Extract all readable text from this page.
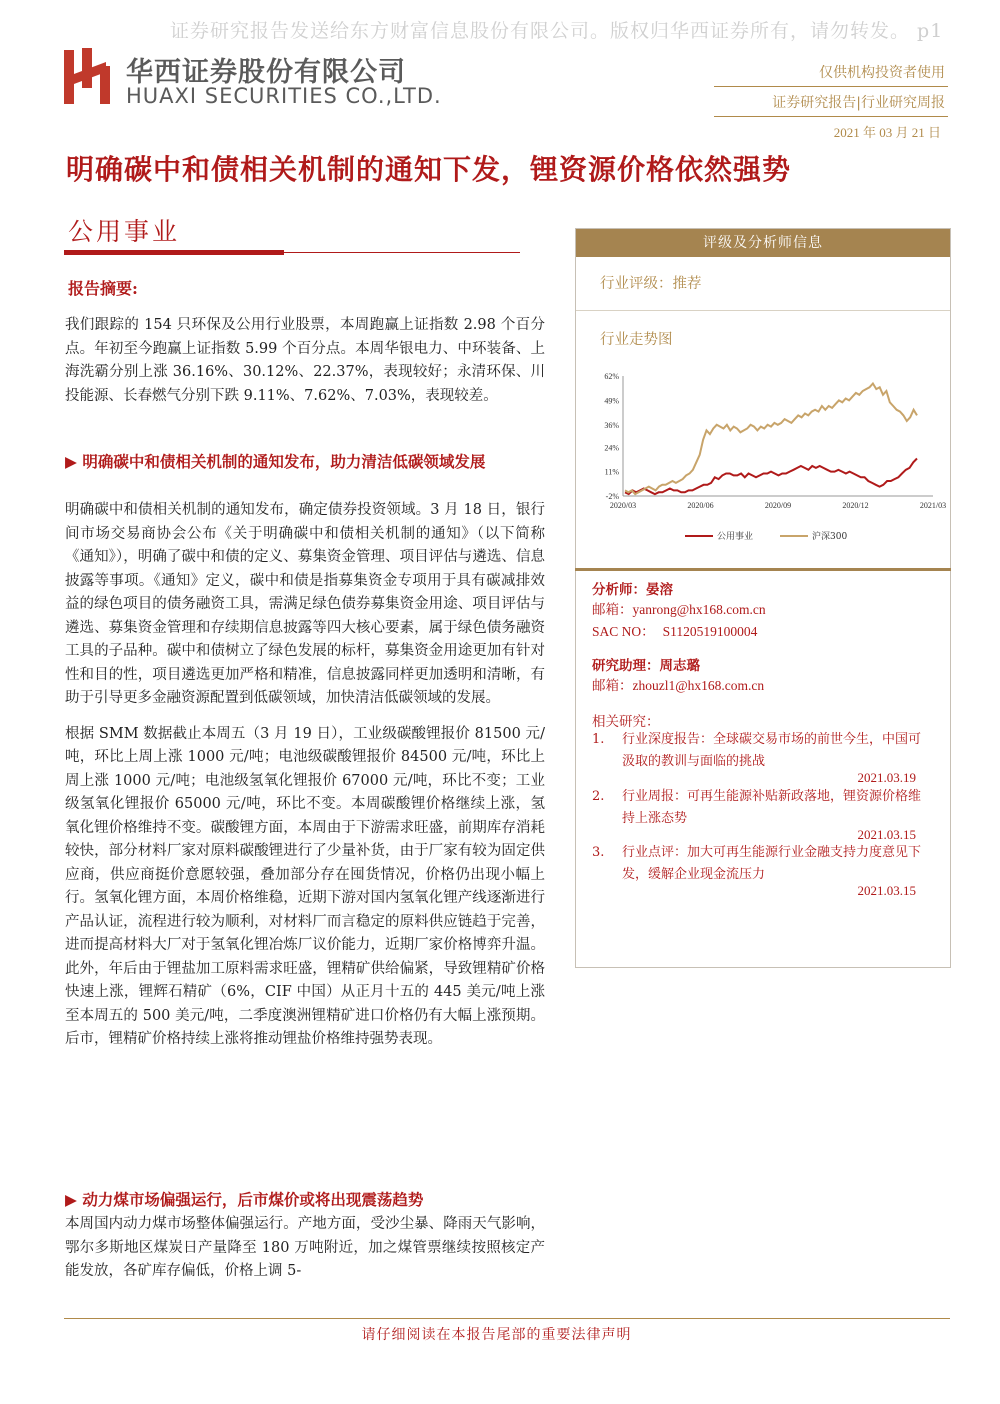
证券研究报告发送给东方财富信息股份有限公司。版权归华西证券所有，请勿转发。 p1
华西证券股份有限公司
HUAXI SECURITIES CO.,LTD.
仅供机构投资者使用
证券研究报告|行业研究周报
2021 年 03 月 21 日
明确碳中和债相关机制的通知下发，锂资源价格依然强势
公用事业
报告摘要:

我们跟踪的 154 只环保及公用行业股票，本周跑赢上证指数 2.98 个百分点。年初至今跑赢上证指数 5.99 个百分点。本周华银电力、中环装备、上海洗霸分别上涨 36.16%、30.12%、22.37%，表现较好；永清环保、川投能源、长春燃气分别下跌 9.11%、7.62%、7.03%，表现较差。

▶ 明确碳中和债相关机制的通知发布，助力清洁低碳领域发展

明确碳中和债相关机制的通知发布，确定债券投资领域。3 月 18 日，银行间市场交易商协会公布《关于明确碳中和债相关机制的通知》（以下简称《通知》），明确了碳中和债的定义、募集资金管理、项目评估与遴选、信息披露等事项。《通知》定义，碳中和债是指募集资金专项用于具有碳减排效益的绿色项目的债务融资工具，需满足绿色债券募集资金用途、项目评估与遴选、募集资金管理和存续期信息披露等四大核心要素，属于绿色债务融资工具的子品种。碳中和债树立了绿色发展的标杆，募集资金用途更加有针对性和目的性，项目遴选更加严格和精准，信息披露同样更加透明和清晰，有助于引导更多金融资源配置到低碳领域，加快清洁低碳领域的发展。

根据 SMM 数据截止本周五（3 月 19 日），工业级碳酸锂报价 81500 元/吨，环比上周上涨 1000 元/吨；电池级碳酸锂报价 84500 元/吨，环比上周上涨 1000 元/吨；电池级氢氧化锂报价 67000 元/吨，环比不变；工业级氢氧化锂报价 65000 元/吨，环比不变。本周碳酸锂价格继续上涨，氢氧化锂价格维持不变。碳酸锂方面，本周由于下游需求旺盛，前期库存消耗较快，部分材料厂家对原料碳酸锂进行了少量补货，由于厂家有较为固定供应商，供应商挺价意愿较强，叠加部分存在囤货情况，价格仍出现小幅上行。氢氧化锂方面，本周价格维稳，近期下游对国内氢氧化锂产线逐渐进行产品认证，流程进行较为顺利，对材料厂而言稳定的原料供应链趋于完善，进而提高材料大厂对于氢氧化锂冶炼厂议价能力，近期厂家价格博弈升温。此外，年后由于锂盐加工原料需求旺盛，锂精矿供给偏紧，导致锂精矿价格快速上涨，锂辉石精矿（6%，CIF 中国）从正月十五的 445 美元/吨上涨至本周五的 500 美元/吨，二季度澳洲锂精矿进口价格仍有大幅上涨预期。后市，锂精矿价格持续上涨将推动锂盐价格维持强势表现。

▶ 动力煤市场偏强运行，后市煤价或将出现震荡趋势

本周国内动力煤市场整体偏强运行。产地方面，受沙尘暴、降雨天气影响，鄂尔多斯地区煤炭日产量降至 180 万吨附近，加之煤管票继续按照核定产能发放，各矿库存偏低，价格上调 5-

评级及分析师信息
行业评级：推荐
行业走势图
62%
49%
36%
24%
11%
-2%
2020/03	2020/06	2020/09	2020/12	2021/03
公用事业	沪深300
分析师：晏溶
邮箱：yanrong@hx168.com.cn
SAC NO： S1120519100004
研究助理：周志璐
邮箱：zhouzl1@hx168.com.cn
相关研究：
1. 行业深度报告：全球碳交易市场的前世今生，中国可汲取的教训与面临的挑战
2021.03.19
2. 行业周报：可再生能源补贴新政落地，锂资源价格维持上涨态势
2021.03.15
3. 行业点评：加大可再生能源行业金融支持力度意见下发，缓解企业现金流压力
2021.03.15
请仔细阅读在本报告尾部的重要法律声明
